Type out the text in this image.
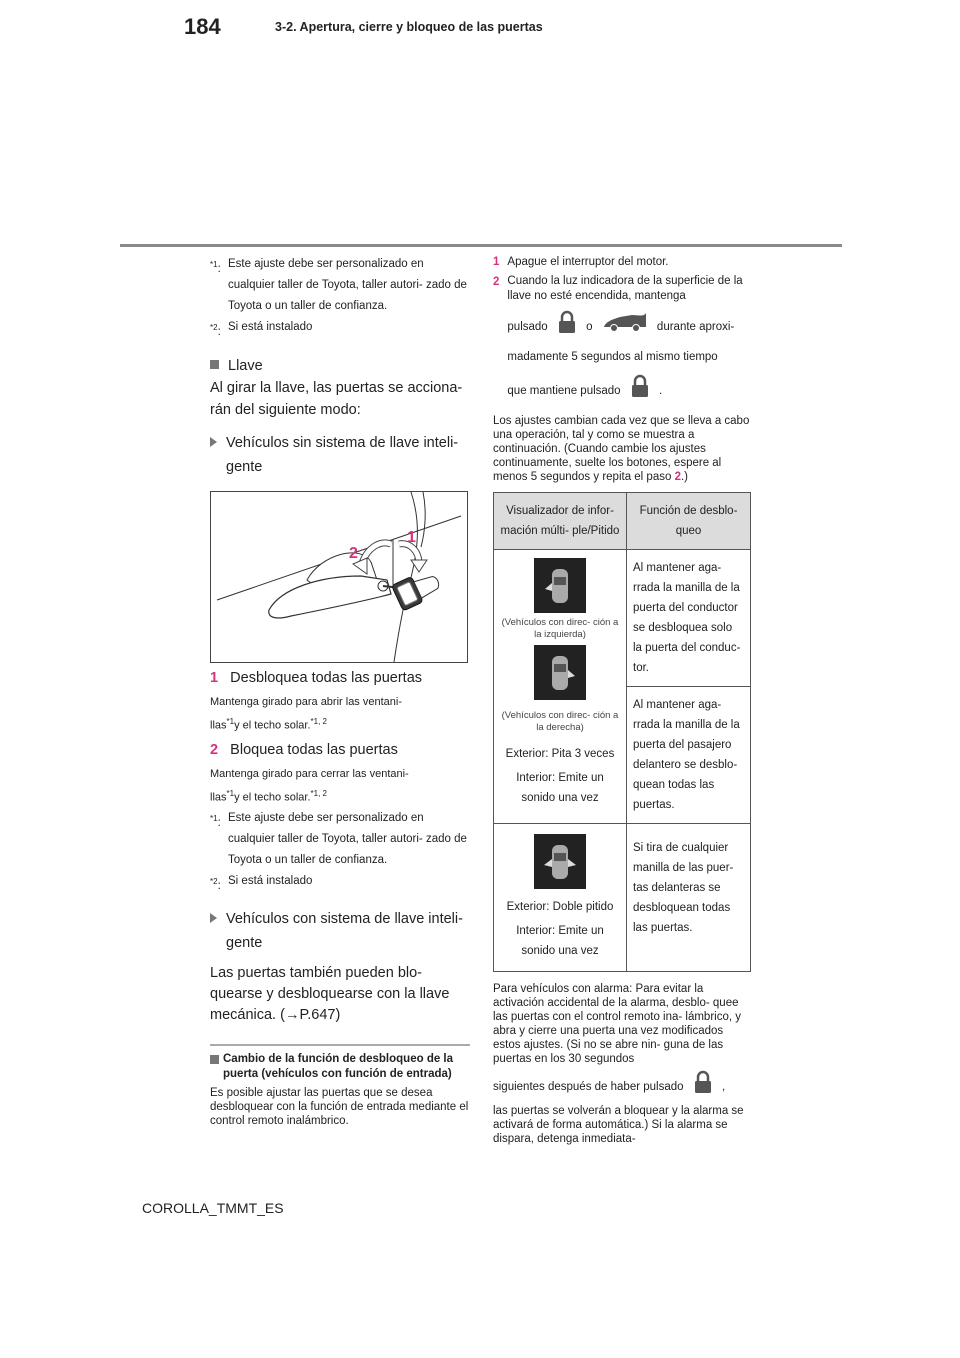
184	3-2. Apertura, cierre y bloqueo de las puertas
$^{*1}$: Este ajuste debe ser personalizado en cualquier taller de Toyota, taller autori- zado de Toyota o un taller de confianza.
$^{*2}$: Si está instalado
Llave
Al girar la llave, las puertas se acciona- rán del siguiente modo:
Vehículos sin sistema de llave inteli- gente
2
1
1 Desbloquea todas las puertas
Mantenga girado para abrir las ventani-
llas$^{*1}$y el techo solar.$^{*1, 2}$
2 Bloquea todas las puertas
Mantenga girado para cerrar las ventani-
llas$^{*1}$y el techo solar.$^{*1, 2}$
$^{*1}$: Este ajuste debe ser personalizado en cualquier taller de Toyota, taller autori- zado de Toyota o un taller de confianza.
$^{*2}$: Si está instalado
Vehículos con sistema de llave inteli- gente
Las puertas también pueden blo- quearse y desbloquearse con la llave mecánica. (→P.647)
Cambio de la función de desbloqueo de la puerta (vehículos con función de entrada)
Es posible ajustar las puertas que se desea desbloquear con la función de entrada mediante el control remoto inalámbrico.
1 Apague el interruptor del motor.
2 Cuando la luz indicadora de la superficie de la llave no esté encendida, mantenga
pulsado	o	durante aproxi-
madamente 5 segundos al mismo tiempo
que mantiene pulsado	.
Los ajustes cambian cada vez que se lleva a cabo una operación, tal y como se muestra a continuación. (Cuando cambie los ajustes continuamente, suelte los botones, espere al menos 5 segundos y repita el paso 2.)
Visualizador de infor- mación múlti- ple/Pitido	Función de desblo- queo

(Vehículos con direc- ción a la izquierda)
(Vehículos con direc- ción a la derecha)
Exterior: Pita 3 veces
Interior: Emite un sonido una vez	Al mantener aga- rrada la manilla de la puerta del conductor se desbloquea solo la puerta del conduc- tor.
	Al mantener aga- rrada la manilla de la puerta del pasajero delantero se desblo- quean todas las puertas.

Exterior: Doble pitido
Interior: Emite un sonido una vez	Si tira de cualquier manilla de las puer- tas delanteras se desbloquean todas las puertas.
Para vehículos con alarma: Para evitar la activación accidental de la alarma, desblo- quee las puertas con el control remoto ina- lámbrico, y abra y cierre una puerta una vez modificados estos ajustes. (Si no se abre nin- guna de las puertas en los 30 segundos
siguientes después de haber pulsado	,
las puertas se volverán a bloquear y la alarma se activará de forma automática.) Si la alarma se dispara, detenga inmediata-
COROLLA_TMMT_ES
